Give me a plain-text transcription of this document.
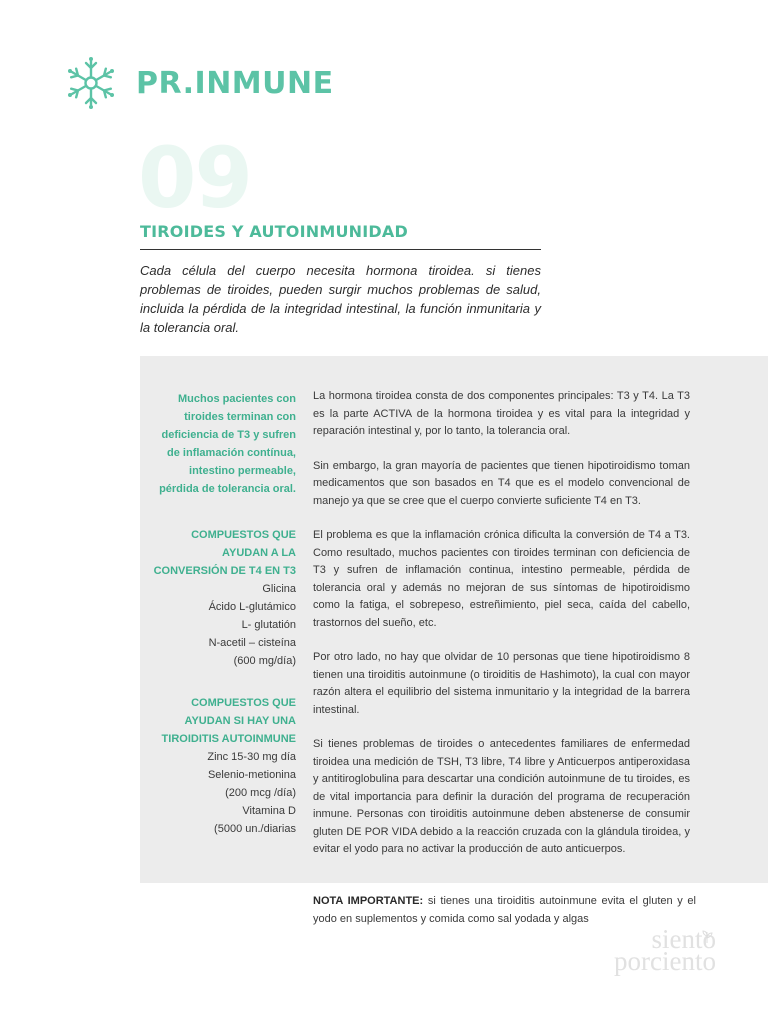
PR.INMUNE
09
TIROIDES Y AUTOINMUNIDAD
Cada célula del cuerpo necesita hormona tiroidea. si tienes problemas de tiroides, pueden surgir muchos problemas de salud, incluida la pérdida de la integridad intestinal, la función inmunitaria y la tolerancia oral.
Muchos pacientes con
tiroides terminan con
deficiencia de T3 y sufren
de inflamación contínua,
intestino permeable,
pérdida de tolerancia oral.
COMPUESTOS QUE
AYUDAN A LA
CONVERSIÓN DE T4 EN T3
Glicina
Ácido L-glutámico
L- glutatión
N-acetil – cisteína
(600 mg/día)
COMPUESTOS QUE
AYUDAN SI HAY UNA
TIROIDITIS AUTOINMUNE
Zinc 15-30 mg día
Selenio-metionina
(200 mcg /día)
Vitamina D
(5000 un./diarias

La hormona tiroidea consta de dos componentes principales: T3 y T4. La T3 es la parte ACTIVA de la hormona tiroidea y es vital para la integridad y reparación intestinal y, por lo tanto, la tolerancia oral.

Sin embargo, la gran mayoría de pacientes que tienen hipotiroidismo toman medicamentos que son basados en T4 que es el modelo convencional de manejo ya que se cree que el cuerpo convierte suficiente T4 en T3.

El problema es que la inflamación crónica dificulta la conversión de T4 a T3. Como resultado, muchos pacientes con tiroides terminan con deficiencia de T3 y sufren de inflamación continua, intestino permeable, pérdida de tolerancia oral y además no mejoran de sus síntomas de hipotiroidismo como la fatiga, el sobrepeso, estreñimiento, piel seca, caída del cabello, trastornos del sueño, etc.

Por otro lado, no hay que olvidar de 10 personas que tiene hipotiroidismo 8 tienen una tiroiditis autoinmune (o tiroiditis de Hashimoto), la cual con mayor razón altera el equilibrio del sistema inmunitario y la integridad de la barrera intestinal.

Si tienes problemas de tiroides o antecedentes familiares de enfermedad tiroidea una medición de TSH, T3 libre, T4 libre y Anticuerpos antiperoxidasa y antitiroglobulina para descartar una condición autoinmune de tu tiroides, es de vital importancia para definir la duración del programa de recuperación inmune. Personas con tiroiditis autoinmune deben abstenerse de consumir gluten DE POR VIDA debido a la reacción cruzada con la glándula tiroidea, y evitar el yodo para no activar la producción de auto anticuerpos.

NOTA IMPORTANTE: si tienes una tiroiditis autoinmune evita el gluten y el yodo en suplementos y comida como sal yodada y algas
siento
porciento
